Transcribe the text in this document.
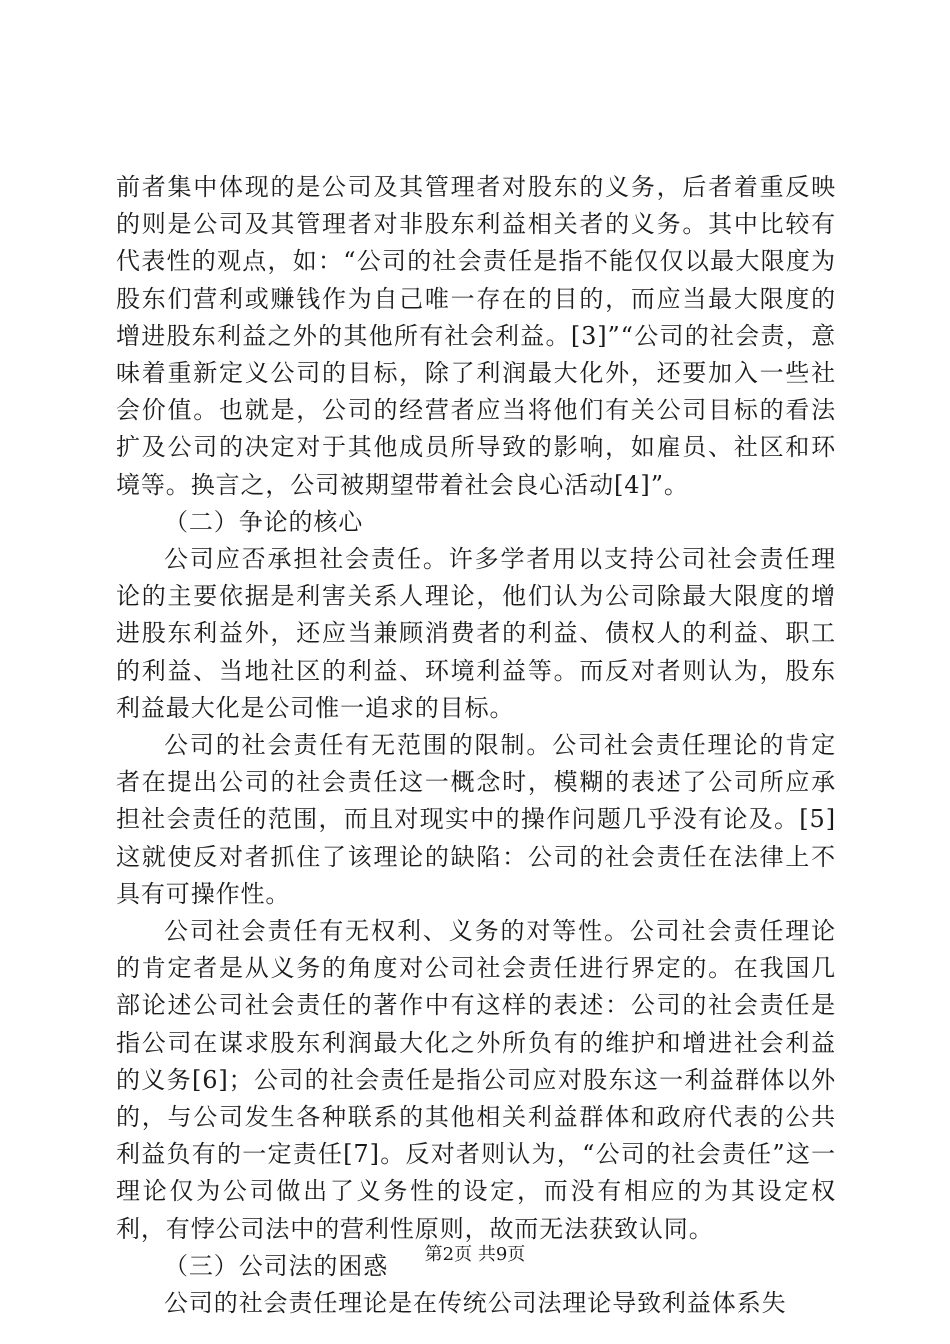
前者集中体现的是公司及其管理者对股东的义务，后者着重反映的则是公司及其管理者对非股东利益相关者的义务。其中比较有代表性的观点，如：“公司的社会责任是指不能仅仅以最大限度为股东们营利或赚钱作为自己唯一存在的目的，而应当最大限度的增进股东利益之外的其他所有社会利益。[3]”“公司的社会责，意味着重新定义公司的目标，除了利润最大化外，还要加入一些社会价值。也就是，公司的经营者应当将他们有关公司目标的看法扩及公司的决定对于其他成员所导致的影响，如雇员、社区和环境等。换言之，公司被期望带着社会良心活动[4]”。

（二）争论的核心

公司应否承担社会责任。许多学者用以支持公司社会责任理论的主要依据是利害关系人理论，他们认为公司除最大限度的增进股东利益外，还应当兼顾消费者的利益、债权人的利益、职工的利益、当地社区的利益、环境利益等。而反对者则认为，股东利益最大化是公司惟一追求的目标。

公司的社会责任有无范围的限制。公司社会责任理论的肯定者在提出公司的社会责任这一概念时，模糊的表述了公司所应承担社会责任的范围，而且对现实中的操作问题几乎没有论及。[5]这就使反对者抓住了该理论的缺陷：公司的社会责任在法律上不具有可操作性。

公司社会责任有无权利、义务的对等性。公司社会责任理论的肯定者是从义务的角度对公司社会责任进行界定的。在我国几部论述公司社会责任的著作中有这样的表述：公司的社会责任是指公司在谋求股东利润最大化之外所负有的维护和增进社会利益的义务[6]；公司的社会责任是指公司应对股东这一利益群体以外的，与公司发生各种联系的其他相关利益群体和政府代表的公共利益负有的一定责任[7]。反对者则认为，“公司的社会责任”这一理论仅为公司做出了义务性的设定，而没有相应的为其设定权利，有悖公司法中的营利性原则，故而无法获致认同。

（三）公司法的困惑

公司的社会责任理论是在传统公司法理论导致利益体系失

第2页 共9页
